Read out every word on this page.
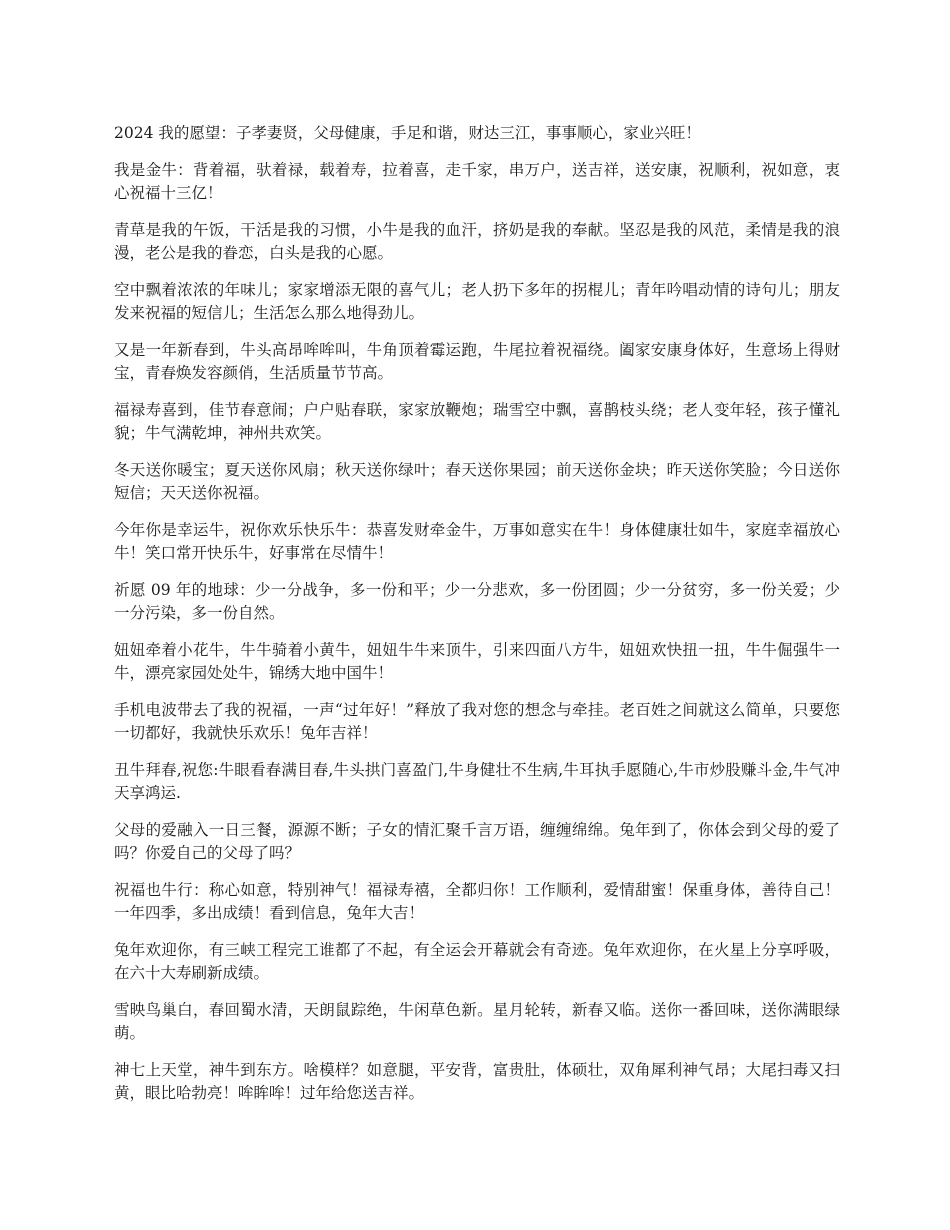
2024 我的愿望：子孝妻贤，父母健康，手足和谐，财达三江，事事顺心，家业兴旺！

我是金牛：背着福，驮着禄，载着寿，拉着喜，走千家，串万户，送吉祥，送安康，祝顺利，祝如意，衷心祝福十三亿！

青草是我的午饭，干活是我的习惯，小牛是我的血汗，挤奶是我的奉献。坚忍是我的风范，柔情是我的浪漫，老公是我的眷恋，白头是我的心愿。

空中飘着浓浓的年味儿；家家增添无限的喜气儿；老人扔下多年的拐棍儿；青年吟唱动情的诗句儿；朋友发来祝福的短信儿；生活怎么那么地得劲儿。

又是一年新春到，牛头高昂哞哞叫，牛角顶着霉运跑，牛尾拉着祝福绕。阖家安康身体好，生意场上得财宝，青春焕发容颜俏，生活质量节节高。

福禄寿喜到，佳节春意闹；户户贴春联，家家放鞭炮；瑞雪空中飘，喜鹊枝头绕；老人变年轻，孩子懂礼貌；牛气满乾坤，神州共欢笑。

冬天送你暖宝；夏天送你风扇；秋天送你绿叶；春天送你果园；前天送你金块；昨天送你笑脸；今日送你短信；天天送你祝福。

今年你是幸运牛，祝你欢乐快乐牛：恭喜发财牵金牛，万事如意实在牛！身体健康壮如牛，家庭幸福放心牛！笑口常开快乐牛，好事常在尽情牛！

祈愿 09 年的地球：少一分战争，多一份和平；少一分悲欢，多一份团圆；少一分贫穷，多一份关爱；少一分污染，多一份自然。

妞妞牵着小花牛，牛牛骑着小黄牛，妞妞牛牛来顶牛，引来四面八方牛，妞妞欢快扭一扭，牛牛倔强牛一牛，漂亮家园处处牛，锦绣大地中国牛！

手机电波带去了我的祝福，一声“过年好！”释放了我对您的想念与牵挂。老百姓之间就这么简单，只要您一切都好，我就快乐欢乐！兔年吉祥！

丑牛拜春,祝您:牛眼看春满目春,牛头拱门喜盈门,牛身健壮不生病,牛耳执手愿随心,牛市炒股赚斗金,牛气冲天享鸿运.

父母的爱融入一日三餐，源源不断；子女的情汇聚千言万语，缠缠绵绵。兔年到了，你体会到父母的爱了吗？你爱自己的父母了吗？

祝福也牛行：称心如意，特别神气！福禄寿禧，全都归你！工作顺利，爱情甜蜜！保重身体，善待自己！一年四季，多出成绩！看到信息，兔年大吉！

兔年欢迎你，有三峡工程完工谁都了不起，有全运会开幕就会有奇迹。兔年欢迎你，在火星上分享呼吸，在六十大寿刷新成绩。

雪映鸟巢白，春回蜀水清，天朗鼠踪绝，牛闲草色新。星月轮转，新春又临。送你一番回味，送你满眼绿萌。

神七上天堂，神牛到东方。啥模样？如意腿，平安背，富贵肚，体硕壮，双角犀利神气昂；大尾扫毒又扫黄，眼比哈勃亮！哞眸哞！过年给您送吉祥。
